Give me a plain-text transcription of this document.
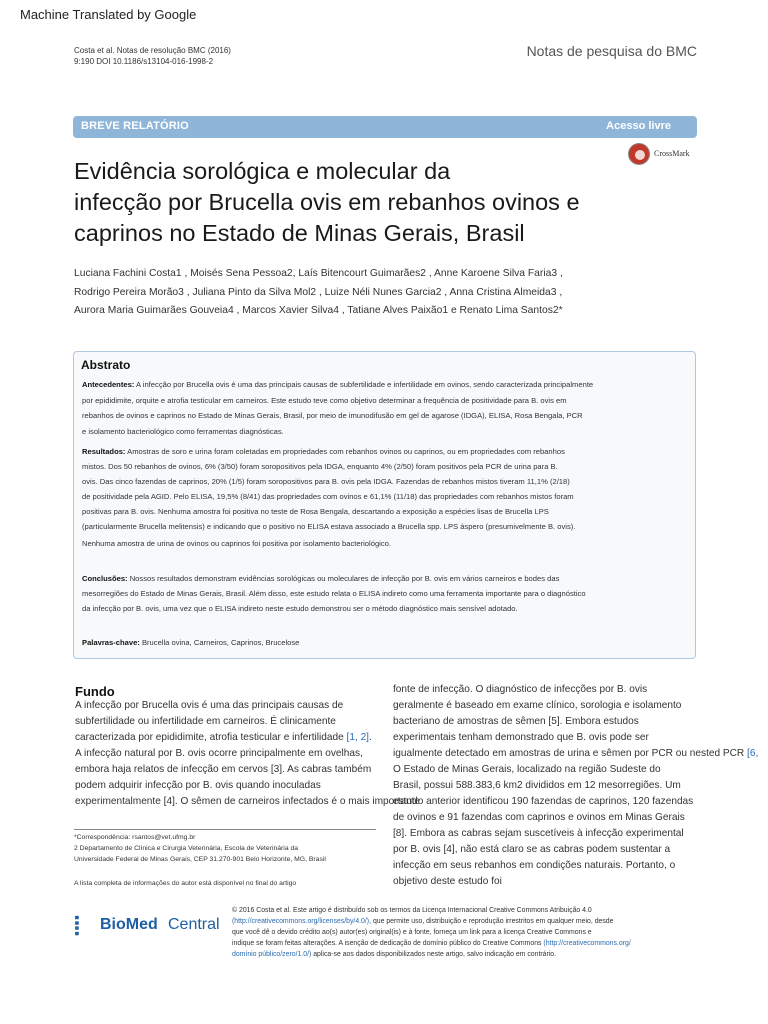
Machine Translated by Google
Costa et al. Notas de resolução BMC (2016)
9:190 DOI 10.1186/s13104-016-1998-2
Notas de pesquisa do BMC
BREVE RELATÓRIO	Acesso livre
CrossMark
Evidência sorológica e molecular da
infecção por Brucella ovis em rebanhos ovinos e
caprinos no Estado de Minas Gerais, Brasil
Luciana Fachini Costa1 , Moisés Sena Pessoa2, Laís Bitencourt Guimarães2 , Anne Karoene Silva Faria3 ,
Rodrigo Pereira Morão3 , Juliana Pinto da Silva Mol2 , Luize Néli Nunes Garcia2 , Anna Cristina Almeida3 ,
Aurora Maria Guimarães Gouveia4 , Marcos Xavier Silva4 , Tatiane Alves Paixão1 e Renato Lima Santos2*
Abstrato
Antecedentes: A infecção por Brucella ovis é uma das principais causas de subfertilidade e infertilidade em ovinos, sendo caracterizada principalmente
por epididimite, orquite e atrofia testicular em carneiros. Este estudo teve como objetivo determinar a frequência de positividade para B. ovis em
rebanhos de ovinos e caprinos no Estado de Minas Gerais, Brasil, por meio de imunodifusão em gel de agarose (IDGA), ELISA, Rosa Bengala, PCR
e isolamento bacteriológico como ferramentas diagnósticas.
Resultados: Amostras de soro e urina foram coletadas em propriedades com rebanhos ovinos ou caprinos, ou em propriedades com rebanhos
mistos. Dos 50 rebanhos de ovinos, 6% (3/50) foram soropositivos pela IDGA, enquanto 4% (2/50) foram positivos pela PCR de urina para B.
ovis. Das cinco fazendas de caprinos, 20% (1/5) foram soropositivos para B. ovis pela IDGA. Fazendas de rebanhos mistos tiveram 11,1% (2/18)
de positividade pela AGID. Pelo ELISA, 19,5% (8/41) das propriedades com ovinos e 61,1% (11/18) das propriedades com rebanhos mistos foram
positivas para B. ovis. Nenhuma amostra foi positiva no teste de Rosa Bengala, descartando a exposição a espécies lisas de Brucella LPS
(particularmente Brucella melitensis) e indicando que o positivo no ELISA estava associado a Brucella spp. LPS áspero (presumivelmente B. ovis).
Nenhuma amostra de urina de ovinos ou caprinos foi positiva por isolamento bacteriológico.
Conclusões: Nossos resultados demonstram evidências sorológicas ou moleculares de infecção por B. ovis em vários carneiros e bodes das
mesorregiões do Estado de Minas Gerais, Brasil. Além disso, este estudo relata o ELISA indireto como uma ferramenta importante para o diagnóstico
da infecção por B. ovis, uma vez que o ELISA indireto neste estudo demonstrou ser o método diagnóstico mais sensível adotado.
Palavras-chave: Brucella ovina, Carneiros, Caprinos, Brucelose
Fundo
A infecção por Brucella ovis é uma das principais causas de
subfertilidade ou infertilidade em carneiros. É clinicamente
caracterizada por epididimite, atrofia testicular e infertilidade [1, 2].
A infecção natural por B. ovis ocorre principalmente em ovelhas,
embora haja relatos de infecção em cervos [3]. As cabras também
podem adquirir infecção por B. ovis quando inoculadas
experimentalmente [4]. O sêmen de carneiros infectados é o mais importante
fonte de infecção. O diagnóstico de infecções por B. ovis
geralmente é baseado em exame clínico, sorologia e isolamento
bacteriano de amostras de sêmen [5]. Embora estudos
experimentais tenham demonstrado que B. ovis pode ser
igualmente detectado em amostras de urina e sêmen por PCR ou nested PCR [6,
O Estado de Minas Gerais, localizado na região Sudeste do
Brasil, possui 588.383,6 km2 divididos em 12 mesorregiões. Um
estudo anterior identificou 190 fazendas de caprinos, 120 fazendas
de ovinos e 91 fazendas com caprinos e ovinos em Minas Gerais
[8]. Embora as cabras sejam suscetíveis à infecção experimental
por B. ovis [4], não está claro se as cabras podem sustentar a
infecção em seus rebanhos em condições naturais. Portanto, o
objetivo deste estudo foi
*Correspondência: rsantos@vet.ufmg.br
2 Departamento de Clínica e Cirurgia Veterinária, Escola de Veterinária da
Universidade Federal de Minas Gerais, CEP 31.270-901 Belo Horizonte, MG, Brasil
A lista completa de informações do autor está disponível no final do artigo
⦙ BioMed Central
© 2016 Costa et al. Este artigo é distribuído sob os termos da Licença Internacional Creative Commons Atribuição 4.0
(http://creativecommons.org/licenses/by/4.0/), que permite uso, distribuição e reprodução irrestritos em qualquer meio, desde
que você dê o devido crédito ao(s) autor(es) original(is) e à fonte, forneça um link para a licença Creative Commons e
indique se foram feitas alterações. A isenção de dedicação de domínio público do Creative Commons (http://creativecommons.org/
domínio público/zero/1.0/) aplica-se aos dados disponibilizados neste artigo, salvo indicação em contrário.
